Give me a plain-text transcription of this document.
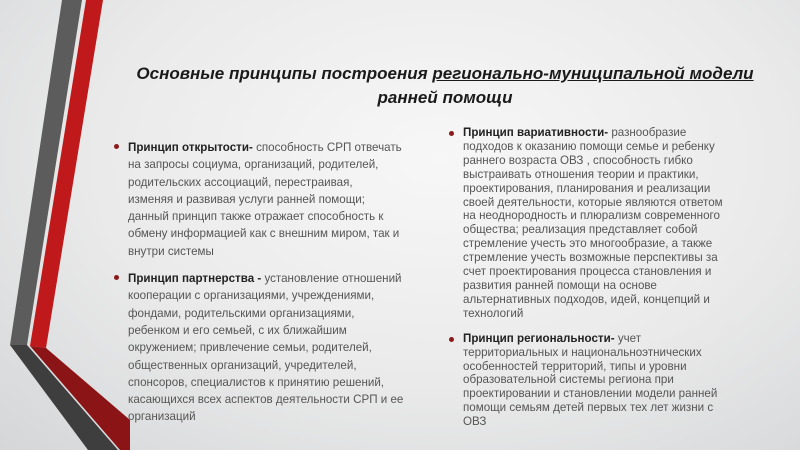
Основные принципы построения регионально-муниципальной модели
ранней помощи
Принцип открытости- способность СРП отвечать
на запросы социума, организаций, родителей,
родительских ассоциаций, перестраивая,
изменяя и развивая услуги ранней помощи;
данный принцип также отражает способность к
обмену информацией как с внешним миром, так и
внутри системы
Принцип партнерства - установление отношений
кооперации с организациями, учреждениями,
фондами, родительскими организациями,
ребенком и его семьей, с их ближайшим
окружением; привлечение семьи, родителей,
общественных организаций, учредителей,
спонсоров, специалистов к принятию решений,
касающихся всех аспектов деятельности СРП и ее
организаций
Принцип вариативности- разнообразие
подходов к оказанию помощи семье и ребенку
раннего возраста ОВЗ , способность гибко
выстраивать отношения теории и практики,
проектирования, планирования и реализации
своей деятельности, которые являются ответом
на неоднородность и плюрализм современного
общества; реализация представляет собой
стремление учесть это многообразие, а также
стремление учесть возможные перспективы за
счет проектирования процесса становления и
развития ранней помощи на основе
альтернативных подходов, идей, концепций и
технологий
Принцип региональности- учет
территориальных и национальноэтнических
особенностей территорий, типы и уровни
образовательной системы региона при
проектировании и становлении модели ранней
помощи семьям детей первых тех лет жизни с
ОВЗ
